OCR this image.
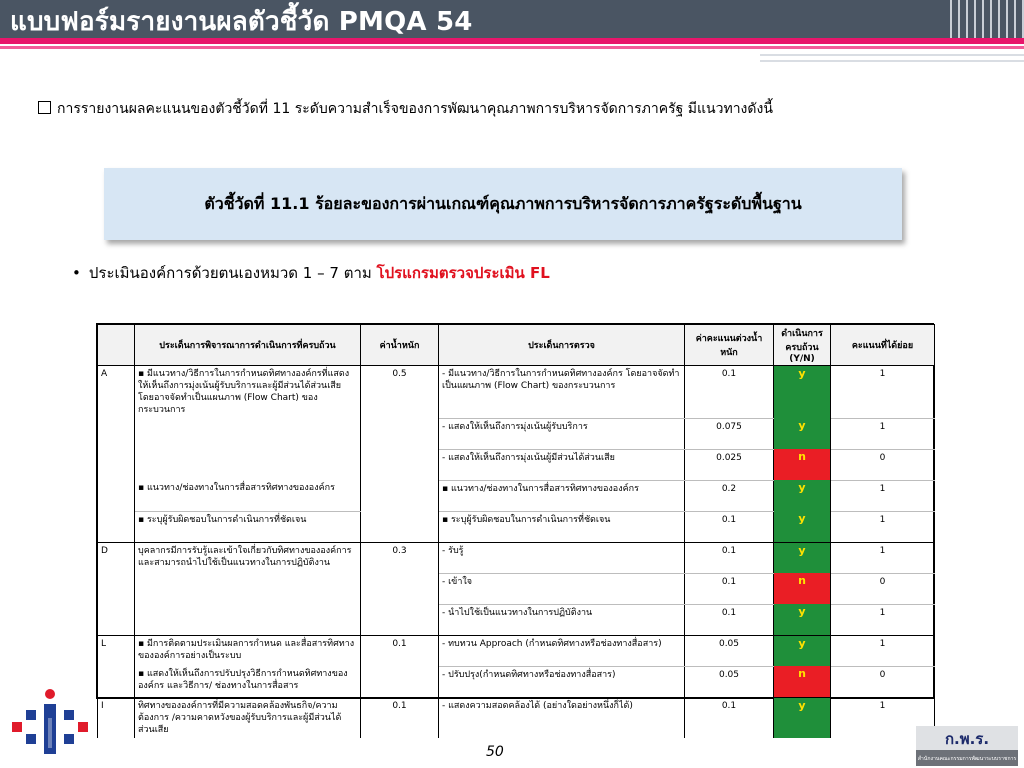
แบบฟอร์มรายงานผลตัวชี้วัด PMQA 54
การรายงานผลคะแนนของตัวชี้วัดที่ 11 ระดับความสำเร็จของการพัฒนาคุณภาพการบริหารจัดการภาครัฐ มีแนวทางดังนี้
ตัวชี้วัดที่ 11.1 ร้อยละของการผ่านเกณฑ์คุณภาพการบริหารจัดการภาครัฐระดับพื้นฐาน
• ประเมินองค์การด้วยตนเองหมวด 1 – 7 ตาม โปรแกรมตรวจประเมิน FL
	ประเด็นการพิจารณาการดำเนินการที่ครบถ้วน	ค่าน้ำหนัก	ประเด็นการตรวจ	ค่าคะแนนต่วงน้ำหนัก	ดำเนินการครบถ้วน (Y/N)	คะแนนที่ได้ย่อย
A	▪ มีแนวทาง/วิธีการในการกำหนดทิศทางองค์กรที่แสดงให้เห็นถึงการมุ่งเน้นผู้รับบริการและผู้มีส่วนได้ส่วนเสีย โดยอาจจัดทำเป็นแผนภาพ (Flow Chart) ของกระบวนการ	0.5	- มีแนวทาง/วิธีการในการกำหนดทิศทางองค์กร โดยอาจจัดทำเป็นแผนภาพ (Flow Chart) ของกระบวนการ	0.1	y	1
			- แสดงให้เห็นถึงการมุ่งเน้นผู้รับบริการ	0.075	y	1
			- แสดงให้เห็นถึงการมุ่งเน้นผู้มีส่วนได้ส่วนเสีย	0.025	n	0
	▪ แนวทาง/ช่องทางในการสื่อสารทิศทางขององค์กร		▪ แนวทาง/ช่องทางในการสื่อสารทิศทางขององค์กร	0.2	y	1
	▪ ระบุผู้รับผิดชอบในการดำเนินการที่ชัดเจน		▪ ระบุผู้รับผิดชอบในการดำเนินการที่ชัดเจน	0.1	y	1
D	บุคลากรมีการรับรู้และเข้าใจเกี่ยวกับทิศทางขององค์การ และสามารถนำไปใช้เป็นแนวทางในการปฏิบัติงาน	0.3	- รับรู้	0.1	y	1
			- เข้าใจ	0.1	n	0
			- นำไปใช้เป็นแนวทางในการปฏิบัติงาน	0.1	y	1
L	▪ มีการติดตามประเมินผลการกำหนด และสื่อสารทิศทางขององค์การอย่างเป็นระบบ	0.1	- ทบทวน Approach (กำหนดทิศทางหรือช่องทางสื่อสาร)	0.05	y	1
	▪ แสดงให้เห็นถึงการปรับปรุงวิธีการกำหนดทิศทางขององค์กร และวิธีการ/ ช่องทางในการสื่อสาร		- ปรับปรุง(กำหนดทิศทางหรือช่องทางสื่อสาร)	0.05	n	0
I	ทิศทางขององค์การที่มีความสอดคล้องพันธกิจ/ความต้องการ /ความคาดหวังของผู้รับบริการและผู้มีส่วนได้ส่วนเสีย	0.1	- แสดงความสอดคล้องได้ (อย่างใดอย่างหนึ่งก็ได้)	0.1	y	1
50
ก.พ.ร.
สำนักงานคณะกรรมการพัฒนาระบบราชการ
